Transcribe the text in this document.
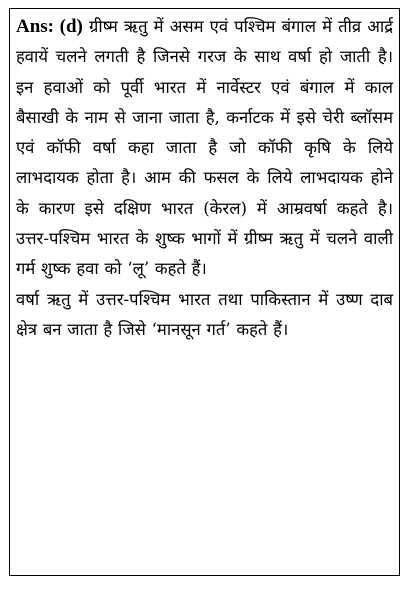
Ans: (d) ग्रीष्म ऋतु में असम एवं पश्चिम बंगाल में तीव्र आर्द्र हवायें चलने लगती है जिनसे गरज के साथ वर्षा हो जाती है। इन हवाओं को पूर्वी भारत में नार्वेस्टर एवं बंगाल में काल बैसाखी के नाम से जाना जाता है, कर्नाटक में इसे चेरी ब्लॉसम एवं कॉफी वर्षा कहा जाता है जो कॉफी कृषि के लिये लाभदायक होता है। आम की फसल के लिये लाभदायक होने के कारण इसे दक्षिण भारत (केरल) में आम्रवर्षा कहते है। उत्तर-पश्चिम भारत के शुष्क भागों में ग्रीष्म ऋतु में चलने वाली गर्म शुष्क हवा को ‘लू’ कहते हैं।

वर्षा ऋतु में उत्तर-पश्चिम भारत तथा पाकिस्तान में उष्ण दाब क्षेत्र बन जाता है जिसे ‘मानसून गर्त’ कहते हैं।
